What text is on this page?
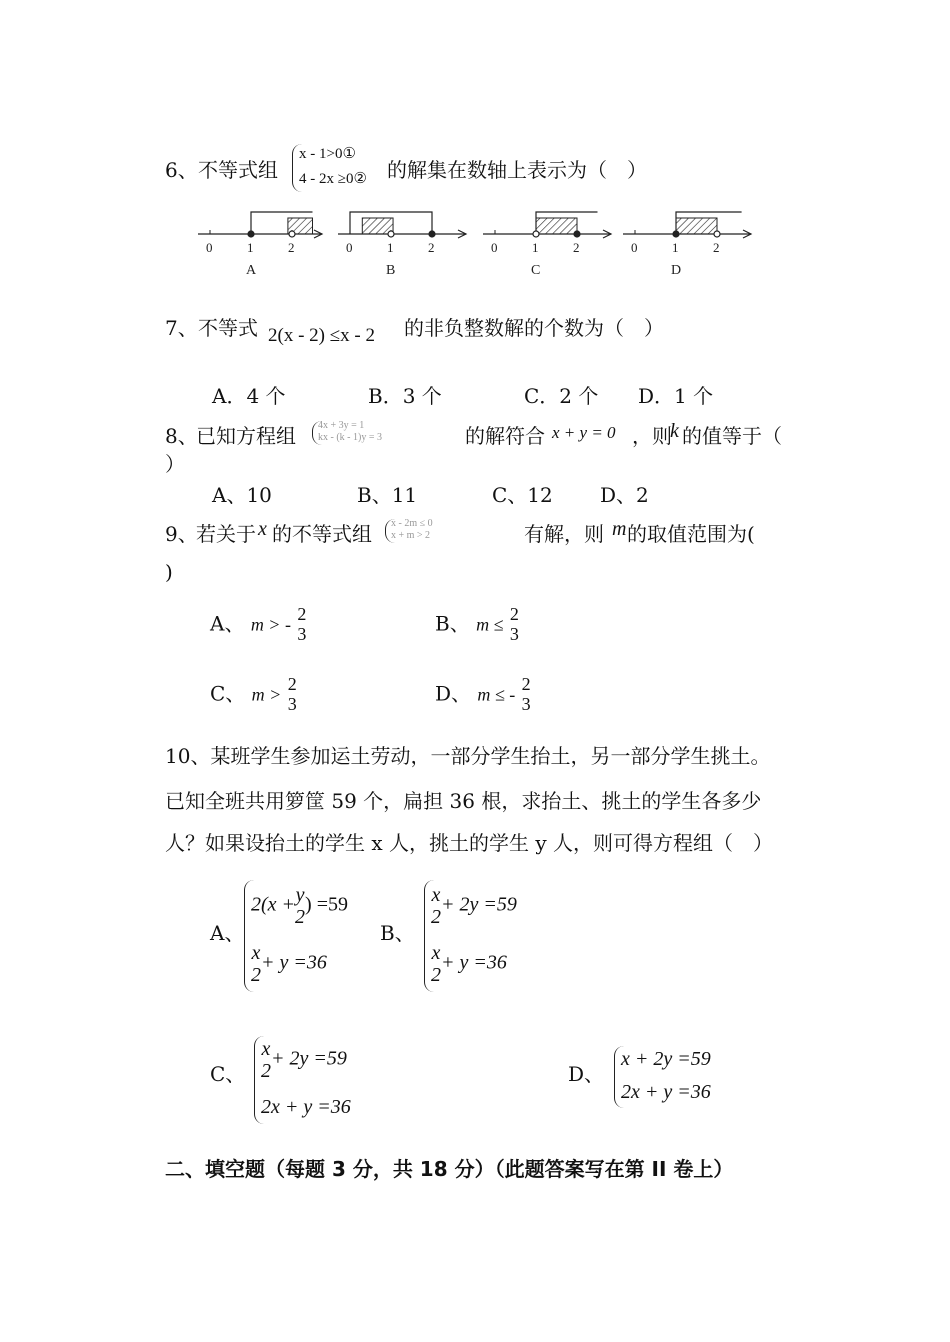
6、 不等式组
x - 1>0①
4 - 2x ≥0② 的解集在数轴上表示为（　）
0	1	2
A
0	1	2
B
0	1	2
C
0	1	2
D
7、 不等式 2(x - 2) ≤x - 2 的非负整数解的个数为（　）
A．4 个	B．3 个	C．2 个 D．1 个
8、
已知方程组 4x + 3y = 1
kx - (k - 1)y = 3	的解符合 x + y = 0 ，则
k 的值等于（
）
A、10	B、11	C、12 D、2
9、
若关于 x 的不等式组 x - 2m ≤ 0
x + m > 2	有解，则 m 的取值范围为(
)
A、 m > -
2
3	B、 m ≤
2
3
C、 m >
2
3	D、 m ≤ -
2
3
10、某班学生参加运土劳动，一部分学生抬土，另一部分学生挑土。
已知全班共用箩筐 59 个，扁担 36 根，求抬土、挑土的学生各多少
人？如果设抬土的学生 x 人，挑土的学生 y 人，则可得方程组（　）
A、
2(x + y
2
) =59
x
2
+ y =36
B、
x
2
+ 2y =59
x
2
+ y =36
C、
x
2
+ 2y =59
2x + y =36
D、
x + 2y =59
2x + y =36
二、填空题（每题 3 分，共 18 分）（此题答案写在第 II 卷上）
